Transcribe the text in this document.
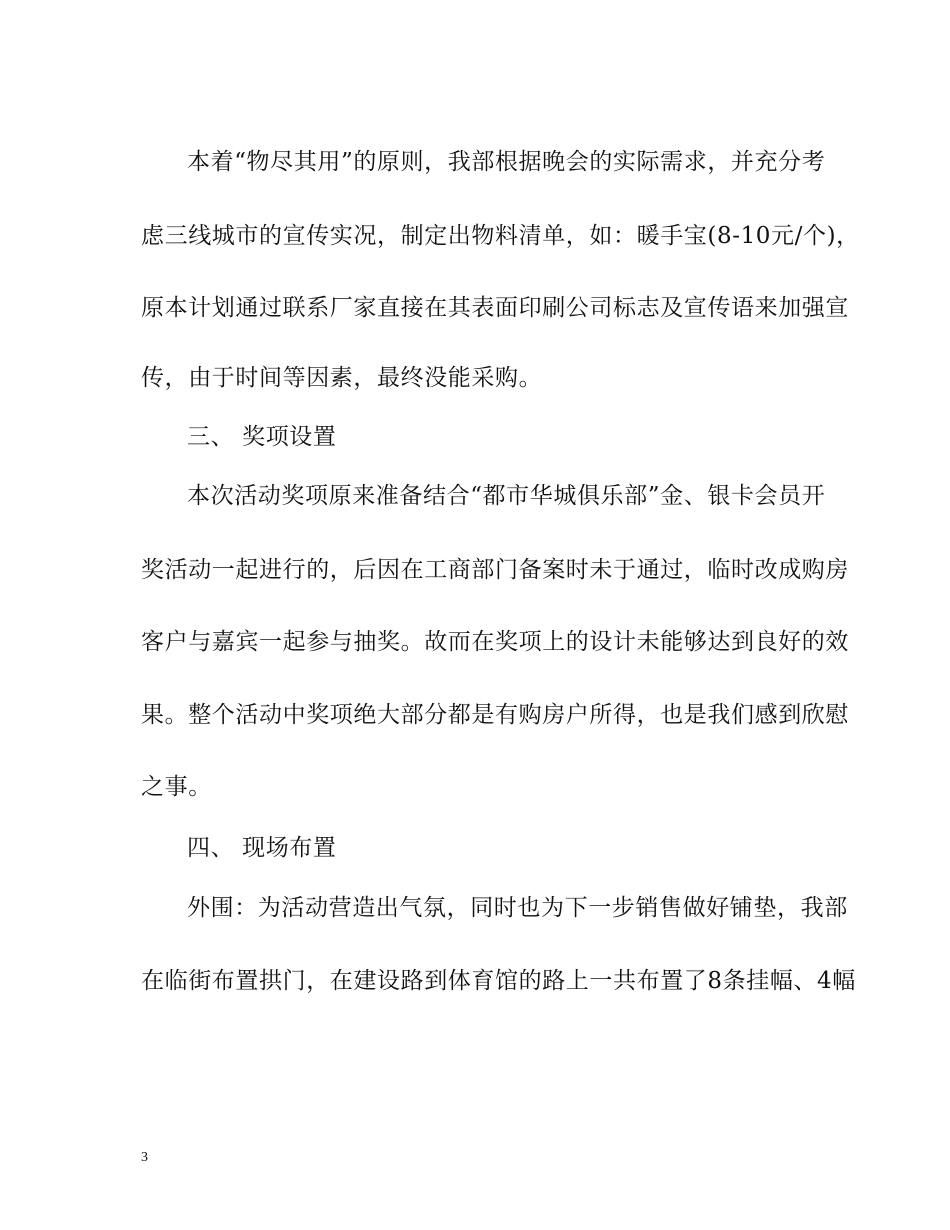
本着“物尽其用”的原则，我部根据晚会的实际需求，并充分考
虑三线城市的宣传实况，制定出物料清单，如：暖手宝(8-10元/个)，
原本计划通过联系厂家直接在其表面印刷公司标志及宣传语来加强宣
传，由于时间等因素，最终没能采购。
三、 奖项设置
本次活动奖项原来准备结合“都市华城俱乐部”金、银卡会员开
奖活动一起进行的，后因在工商部门备案时未于通过，临时改成购房
客户与嘉宾一起参与抽奖。故而在奖项上的设计未能够达到良好的效
果。整个活动中奖项绝大部分都是有购房户所得，也是我们感到欣慰
之事。
四、 现场布置
外围：为活动营造出气氛，同时也为下一步销售做好铺垫，我部
在临街布置拱门，在建设路到体育馆的路上一共布置了8条挂幅、4幅
3
